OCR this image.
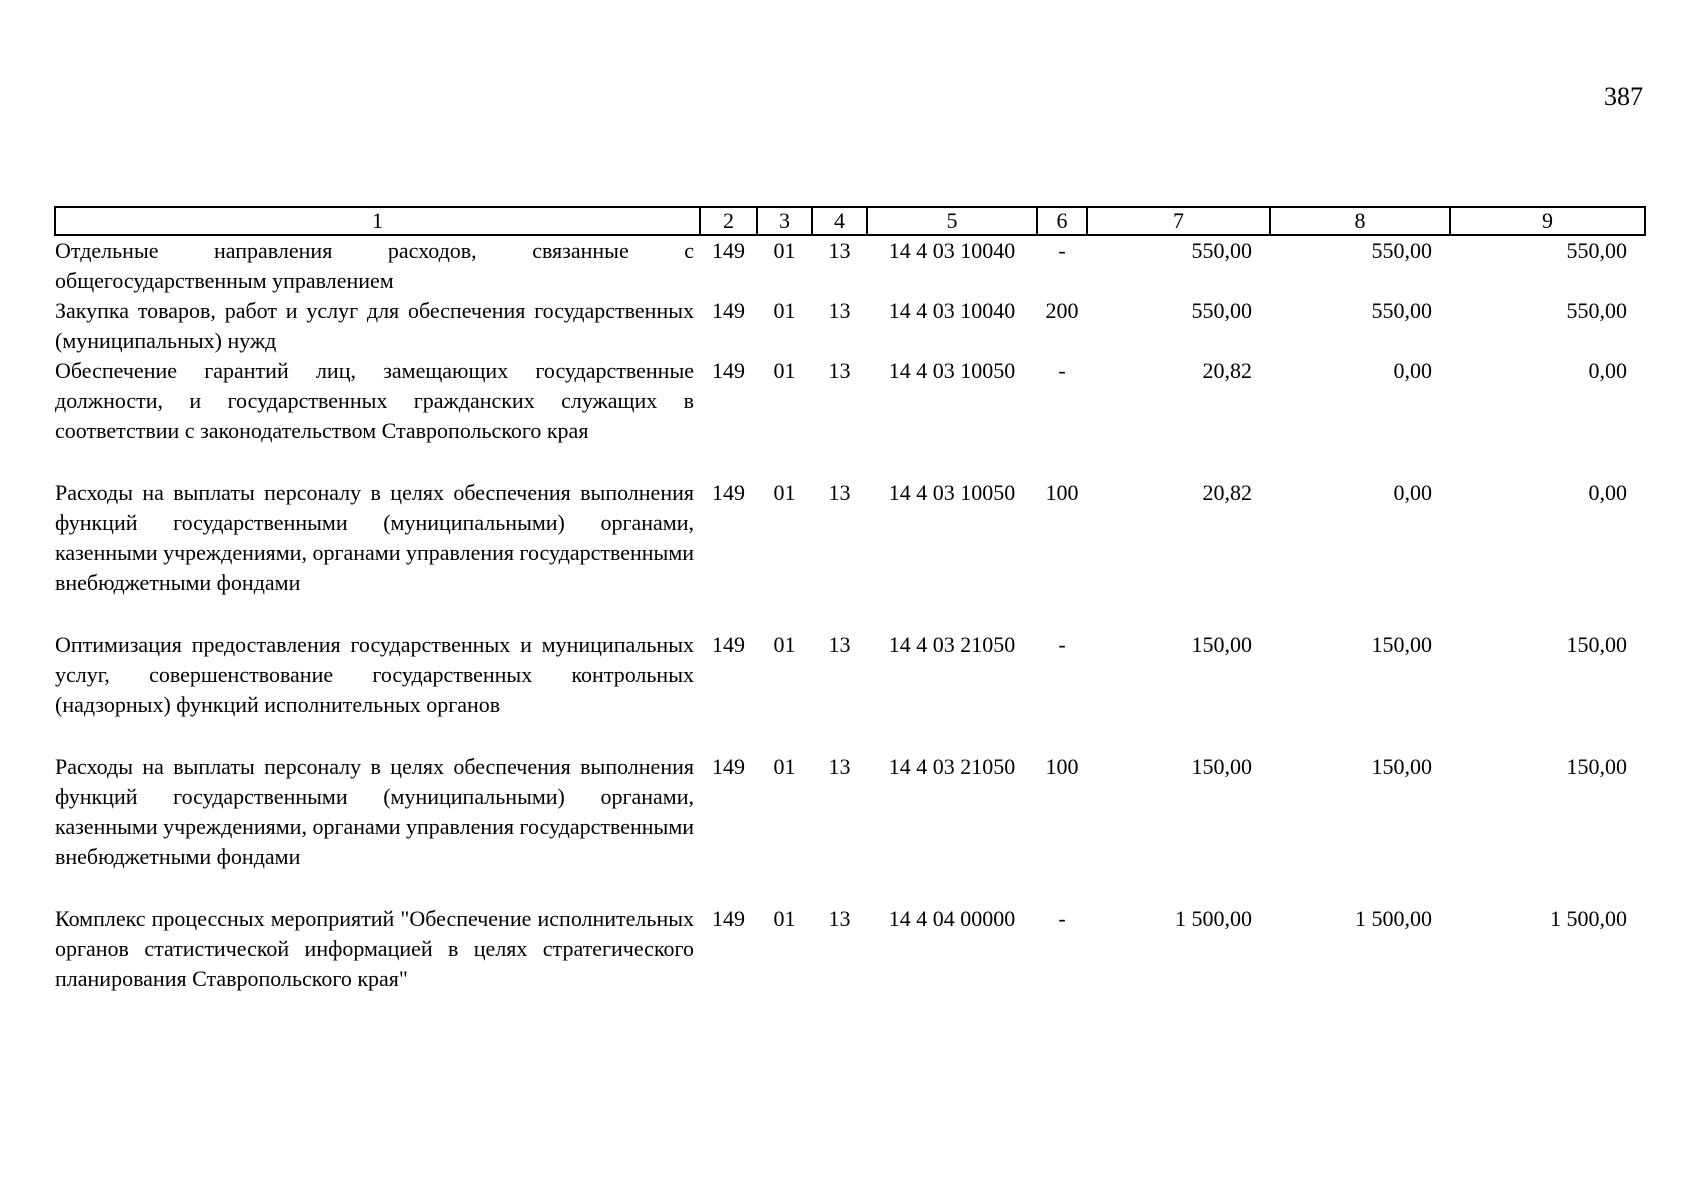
387
1	2	3	4	5	6	7	8	9
Отдельные направления расходов, связанные с общегосударственным управлением	149	01	13	14 4 03 10040	-	550,00	550,00	550,00
Закупка товаров, работ и услуг для обеспечения государственных (муниципальных) нужд	149	01	13	14 4 03 10040	200	550,00	550,00	550,00
Обеспечение гарантий лиц, замещающих государственные должности, и государственных гражданских служащих в соответствии с законодательством Ставропольского края	149	01	13	14 4 03 10050	-	20,82	0,00	0,00
Расходы на выплаты персоналу в целях обеспечения выполнения функций государственными (муниципальными) органами, казенными учреждениями, органами управления государственными внебюджетными фондами	149	01	13	14 4 03 10050	100	20,82	0,00	0,00
Оптимизация предоставления государственных и муниципальных услуг, совершенствование государственных контрольных (надзорных) функций исполнительных органов	149	01	13	14 4 03 21050	-	150,00	150,00	150,00
Расходы на выплаты персоналу в целях обеспечения выполнения функций государственными (муниципальными) органами, казенными учреждениями, органами управления государственными внебюджетными фондами	149	01	13	14 4 03 21050	100	150,00	150,00	150,00
Комплекс процессных мероприятий "Обеспечение исполнительных органов статистической информацией в целях стратегического планирования Ставропольского края"	149	01	13	14 4 04 00000	-	1 500,00	1 500,00	1 500,00
